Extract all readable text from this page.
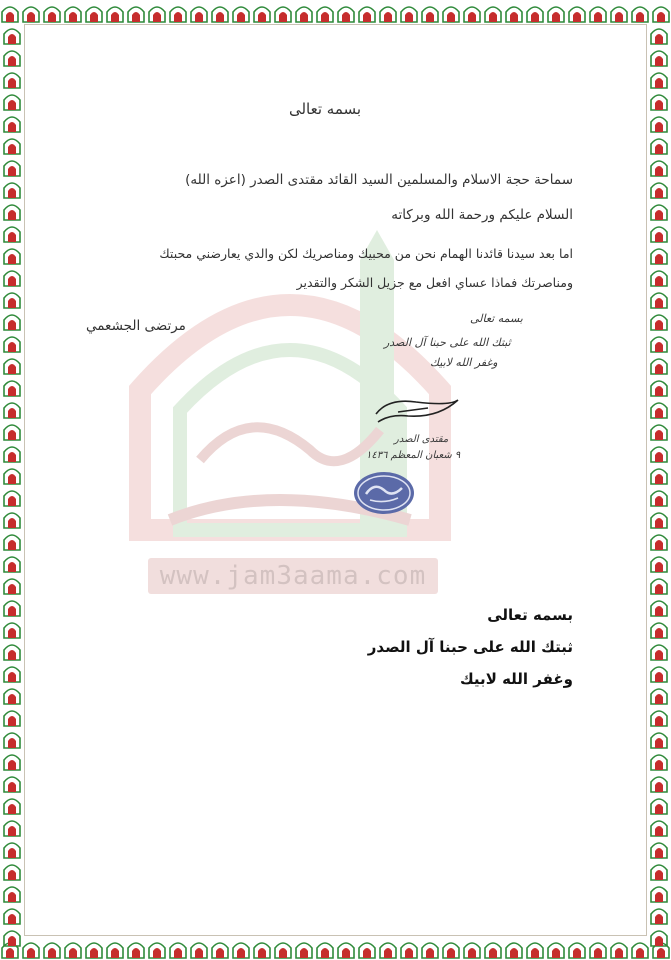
www.jam3aama.com
بسمه تعالى
سماحة حجة الاسلام والمسلمين السيد القائد مقتدى الصدر (اعزه الله)
السلام عليكم ورحمة الله وبركاته
اما بعد سيدنا قائدنا الهمام نحن من محبيك ومناصريك لكن والدي يعارضني محبتك
ومناصرتك فماذا عساي افعل مع جزيل الشكر والتقدير
مرتضى الجشعمي	بسمه تعالى
ثبتك الله على حبنا آل الصدر
وغفر الله لابيك
مقتدى الصدر
٩ شعبان المعظم ١٤٣٦
بسمه تعالى
ثبتك الله على حبنا آل الصدر
وغفر الله لابيك
